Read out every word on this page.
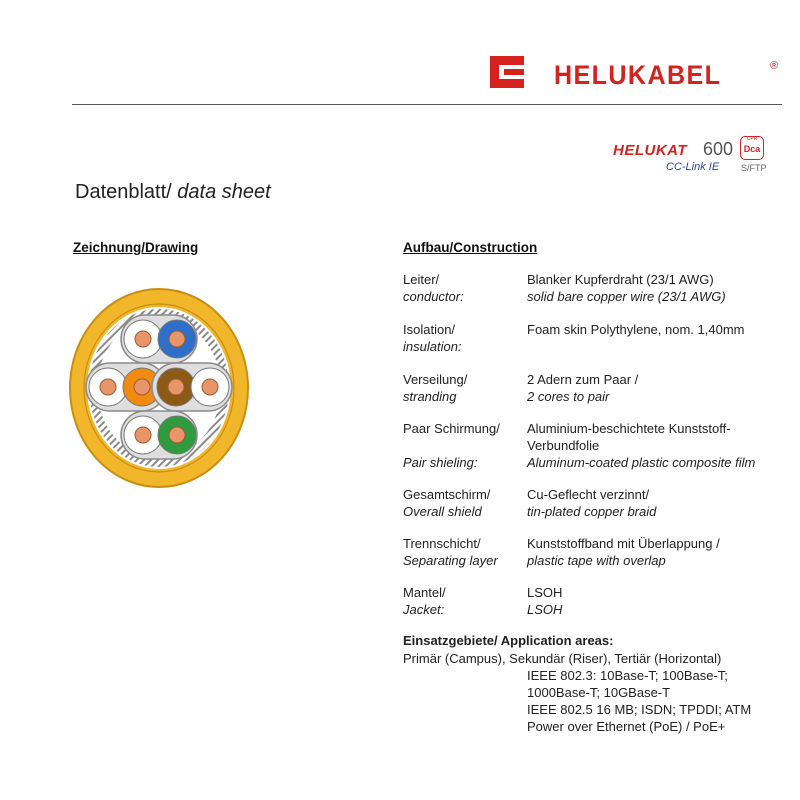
HELUKABEL	®
HELUKAT 600
CC-Link IE S/FTP
CPR
Dca
Datenblatt/ data sheet
Zeichnung/Drawing	Aufbau/Construction
Leiter/
conductor:
Blanker Kupferdraht (23/1 AWG)
solid bare copper wire (23/1 AWG)
Isolation/
insulation:
Foam skin Polythylene, nom. 1,40mm
Verseilung/
stranding
2 Adern zum Paar /
2 cores to pair
Paar Schirmung/
Pair shieling:
Aluminium-beschichtete Kunststoff-
Verbundfolie
Aluminum-coated plastic composite film
Gesamtschirm/
Overall shield
Cu-Geflecht verzinnt/
tin-plated copper braid
Trennschicht/
Separating layer
Kunststoffband mit Überlappung /
plastic tape with overlap
Mantel/
Jacket:
LSOH
LSOH
Einsatzgebiete/ Application areas:
Primär (Campus), Sekundär (Riser), Tertiär (Horizontal)
IEEE 802.3: 10Base-T; 100Base-T;
1000Base-T; 10GBase-T
IEEE 802.5 16 MB; ISDN; TPDDI; ATM
Power over Ethernet (PoE) / PoE+
